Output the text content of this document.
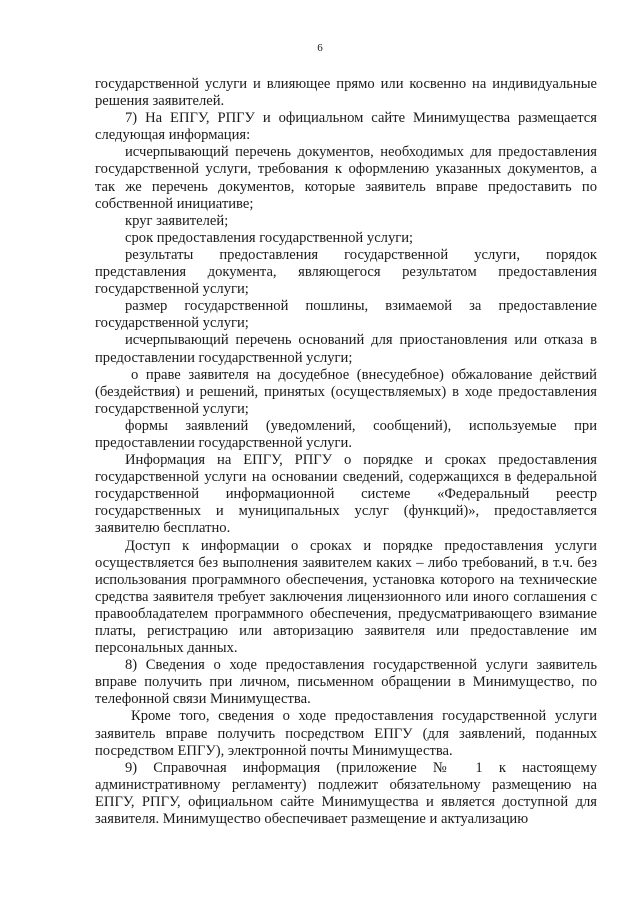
6

государственной услуги и влияющее прямо или косвенно на индивидуальные решения заявителей.

7) На ЕПГУ, РПГУ и официальном сайте Минимущества размещается следующая информация:

исчерпывающий перечень документов, необходимых для предоставления государственной услуги, требования к оформлению указанных документов, а так же перечень документов, которые заявитель вправе предоставить по собственной инициативе;

круг заявителей;

срок предоставления государственной услуги;

результаты предоставления государственной услуги, порядок представления документа, являющегося результатом предоставления государственной услуги;

размер государственной пошлины, взимаемой за предоставление государственной услуги;

исчерпывающий перечень оснований для приостановления или отказа в предоставлении государственной услуги;

о праве заявителя на досудебное (внесудебное) обжалование действий (бездействия) и решений, принятых (осуществляемых) в ходе предоставления государственной услуги;

формы заявлений (уведомлений, сообщений), используемые при предоставлении государственной услуги.

Информация на ЕПГУ, РПГУ о порядке и сроках предоставления государственной услуги на основании сведений, содержащихся в федеральной государственной информационной системе «Федеральный реестр государственных и муниципальных услуг (функций)», предоставляется заявителю бесплатно.

Доступ к информации о сроках и порядке предоставления услуги осуществляется без выполнения заявителем каких – либо требований, в т.ч. без использования программного обеспечения, установка которого на технические средства заявителя требует заключения лицензионного или иного соглашения с правообладателем программного обеспечения, предусматривающего взимание платы, регистрацию или авторизацию заявителя или предоставление им персональных данных.

8) Сведения о ходе предоставления государственной услуги заявитель вправе получить при личном, письменном обращении в Минимущество, по телефонной связи Минимущества.

Кроме того, сведения о ходе предоставления государственной услуги заявитель вправе получить посредством ЕПГУ (для заявлений, поданных посредством ЕПГУ), электронной почты Минимущества.

9) Справочная информация (приложение № 1 к настоящему административному регламенту) подлежит обязательному размещению на ЕПГУ, РПГУ, официальном сайте Минимущества и является доступной для заявителя. Минимущество обеспечивает размещение и актуализацию
